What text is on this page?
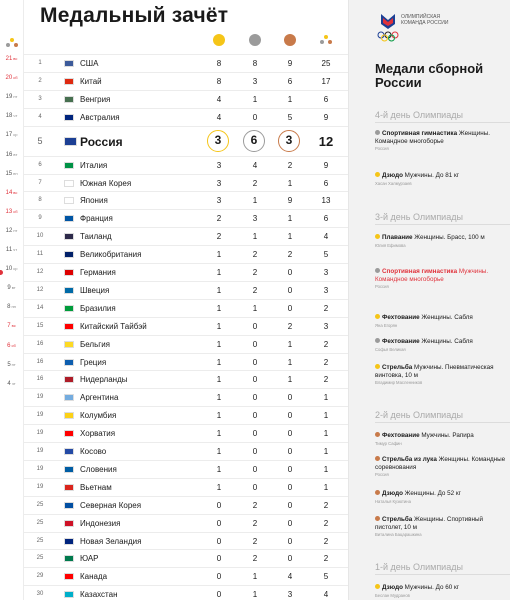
21вс
20сб
19пт
18чт
17ср
16вт
15пн
14вс
13сб
12пт
11чт
10ср
9вт
8пн
7вс
6сб
5пт
4чт
Медальный зачёт
1	США	8	8	9	25
2	Китай	8	3	6	17
3	Венгрия	4	1	1	6
4	Австралия	4	0	5	9
5	Россия	3	6	3	12
6	Италия	3	4	2	9
7	Южная Корея	3	2	1	6
8	Япония	3	1	9	13
9	Франция	2	3	1	6
10	Таиланд	2	1	1	4
11	Великобритания	1	2	2	5
12	Германия	1	2	0	3
12	Швеция	1	2	0	3
14	Бразилия	1	1	0	2
15	Китайский Тайбэй	1	0	2	3
16	Бельгия	1	0	1	2
16	Греция	1	0	1	2
16	Нидерланды	1	0	1	2
19	Аргентина	1	0	0	1
19	Колумбия	1	0	0	1
19	Хорватия	1	0	0	1
19	Косово	1	0	0	1
19	Словения	1	0	0	1
19	Вьетнам	1	0	0	1
25	Северная Корея	0	2	0	2
25	Индонезия	0	2	0	2
25	Новая Зеландия	0	2	0	2
25	ЮАР	0	2	0	2
29	Канада	0	1	4	5
30	Казахстан	0	1	3	4
ОЛИМПИЙСКАЯ КОМАНДА РОССИИ
Медали сборной России
4-й день Олимпиады
Спортивная гимнастика Женщины. Командное многоборье
Россия
Дзюдо Мужчины. До 81 кг
Хасан Халмурзаев
3-й день Олимпиады
Плавание Женщины. Брасс, 100 м
Юлия Ефимова
Спортивная гимнастика Мужчины. Командное многоборье
Россия
Фехтование Женщины. Сабля
Яна Егорян
Фехтование Женщины. Сабля
Софья Великая
Стрельба Мужчины. Пневматическая винтовка, 10 м
Владимир Масленников
2-й день Олимпиады
Фехтование Мужчины. Рапира
Тимур Сафин
Стрельба из лука Женщины. Командные соревнования
Россия
Дзюдо Женщины. До 52 кг
Наталья Кузютина
Стрельба Женщины. Спортивный пистолет, 10 м
Виталина Бацарашкина
1-й день Олимпиады
Дзюдо Мужчины. До 60 кг
Беслан Мудранов
